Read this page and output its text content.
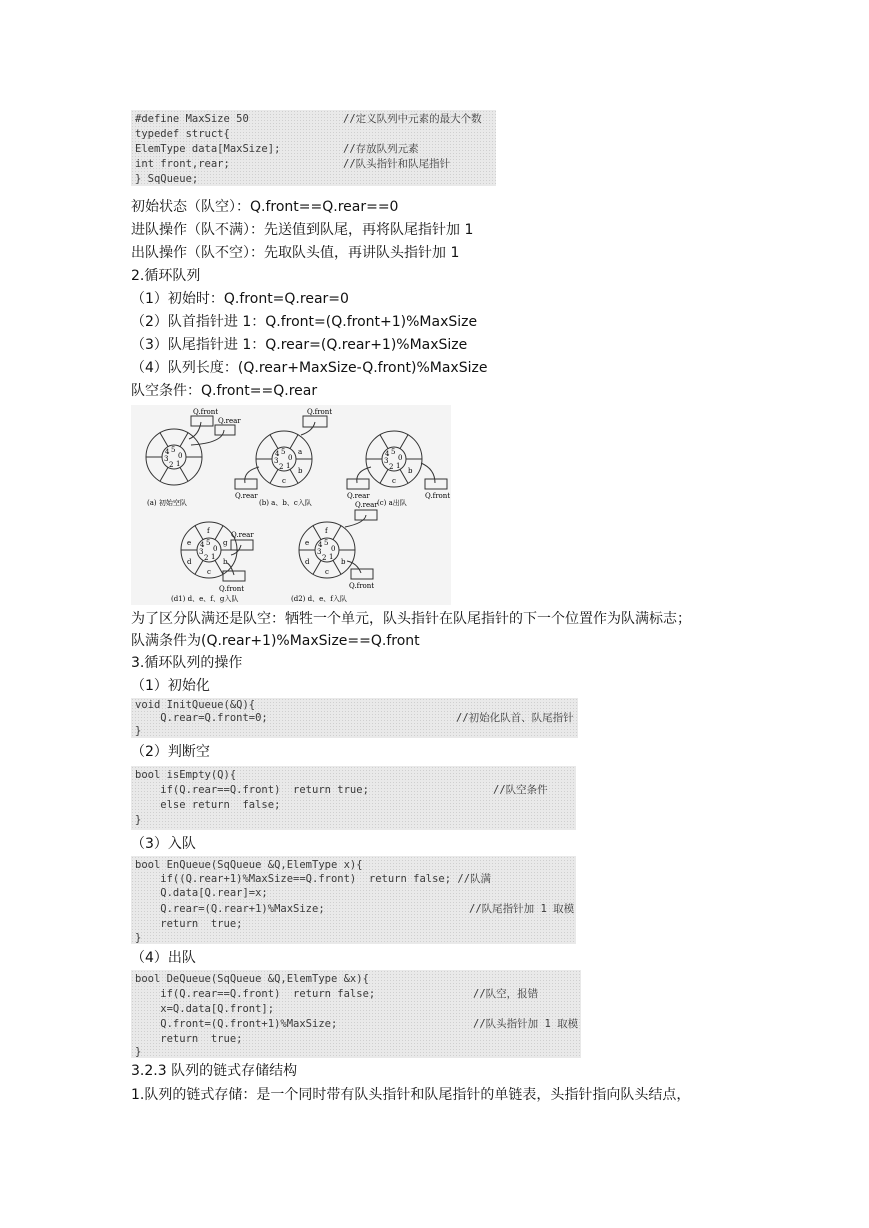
#define MaxSize 50	//定义队列中元素的最大个数
typedef struct{
ElemType data[MaxSize];	//存放队列元素
int front,rear;	//队头指针和队尾指针
} SqQueue;
初始状态（队空）：Q.front==Q.rear==0
进队操作（队不满）：先送值到队尾，再将队尾指针加 1
出队操作（队不空）：先取队头值，再讲队头指针加 1
2.循环队列
（1）初始时：Q.front=Q.rear=0
（2）队首指针进 1：Q.front=(Q.front+1)%MaxSize
（3）队尾指针进 1：Q.rear=(Q.rear+1)%MaxSize
（4）队列长度：(Q.rear+MaxSize-Q.front)%MaxSize
队空条件：Q.front==Q.rear
5
0
1
2
3
4
Q.front
Q.rear
(a) 初始空队
5
0
1
2
3
4	a
b
c
Q.front
Q.rear
(b) a、b、c入队
5
0
1
2
3
4
b
c
Q.rear	Q.front
(c) a出队
5
0
1
2
3
4
f
g
b
c
d
e
Q.rear
Q.front
(d1) d、e、f、g入队
5
0
1
2
3
4
f
b
c
d
e
Q.rear
Q.front
(d2) d、e、f入队
为了区分队满还是队空：牺牲一个单元，队头指针在队尾指针的下一个位置作为队满标志；
队满条件为(Q.rear+1)%MaxSize==Q.front
3.循环队列的操作
（1）初始化
void InitQueue(&Q){
Q.rear=Q.front=0;	//初始化队首、队尾指针
}
（2）判断空
bool isEmpty(Q){
if(Q.rear==Q.front)  return true;	//队空条件
else return  false;
}
（3）入队
bool EnQueue(SqQueue &Q,ElemType x){
if((Q.rear+1)%MaxSize==Q.front)  return false; //队满
Q.data[Q.rear]=x;
Q.rear=(Q.rear+1)%MaxSize;	//队尾指针加 1 取模
return  true;
}
（4）出队
bool DeQueue(SqQueue &Q,ElemType &x){
if(Q.rear==Q.front)  return false;	//队空，报错
x=Q.data[Q.front];
Q.front=(Q.front+1)%MaxSize;	//队头指针加 1 取模
return  true;
}
3.2.3 队列的链式存储结构
1.队列的链式存储：是一个同时带有队头指针和队尾指针的单链表，头指针指向队头结点，
